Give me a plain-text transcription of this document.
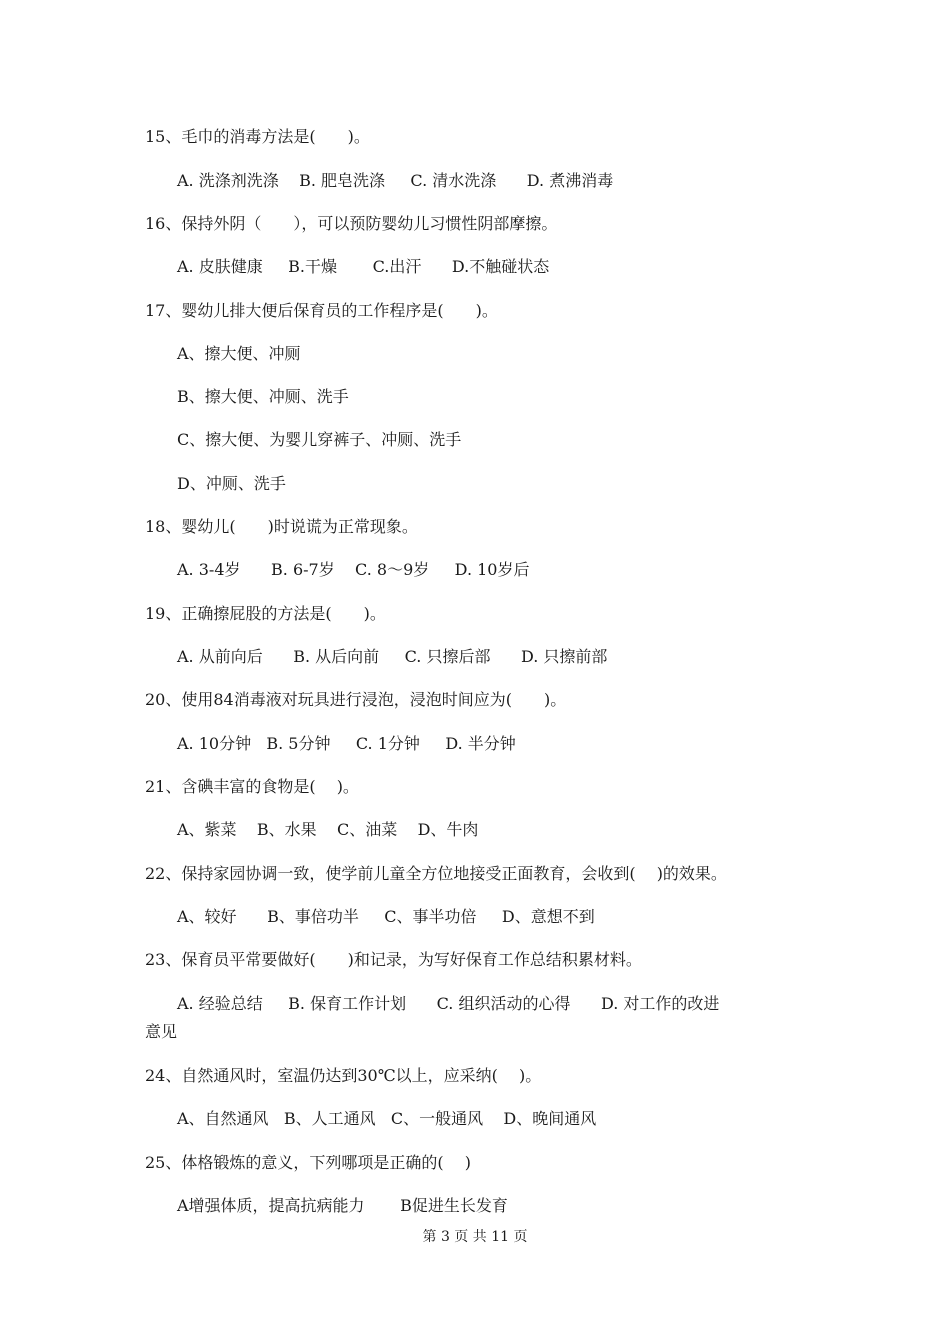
15、毛巾的消毒方法是(　　)。
A. 洗涤剂洗涤    B. 肥皂洗涤     C. 清水洗涤      D. 煮沸消毒
16、保持外阴（　　），可以预防婴幼儿习惯性阴部摩擦。
A. 皮肤健康     B.干燥       C.出汗      D.不触碰状态
17、婴幼儿排大便后保育员的工作程序是(　　)。
A、擦大便、冲厕
B、擦大便、冲厕、洗手
C、擦大便、为婴儿穿裤子、冲厕、洗手
D、冲厕、洗手
18、婴幼儿(　　)时说谎为正常现象。
A. 3-4岁      B. 6-7岁    C. 8～9岁     D. 10岁后
19、正确擦屁股的方法是(　　)。
A. 从前向后      B. 从后向前     C. 只擦后部      D. 只擦前部
20、使用84消毒液对玩具进行浸泡，浸泡时间应为(　　)。
A. 10分钟   B. 5分钟     C. 1分钟     D. 半分钟
21、含碘丰富的食物是(　 )。
A、紫菜    B、水果    C、油菜    D、牛肉
22、保持家园协调一致，使学前儿童全方位地接受正面教育，会收到(　 )的效果。
A、较好      B、事倍功半     C、事半功倍     D、意想不到
23、保育员平常要做好(　　)和记录，为写好保育工作总结积累材料。
A. 经验总结     B. 保育工作计划      C. 组织活动的心得      D. 对工作的改进
意见
24、自然通风时，室温仍达到30℃以上，应采纳(　 )。
A、自然通风   B、人工通风   C、一般通风    D、晚间通风
25、体格锻炼的意义，下列哪项是正确的(　 )
A增强体质，提高抗病能力       B促进生长发育
第 3 页 共 11 页
